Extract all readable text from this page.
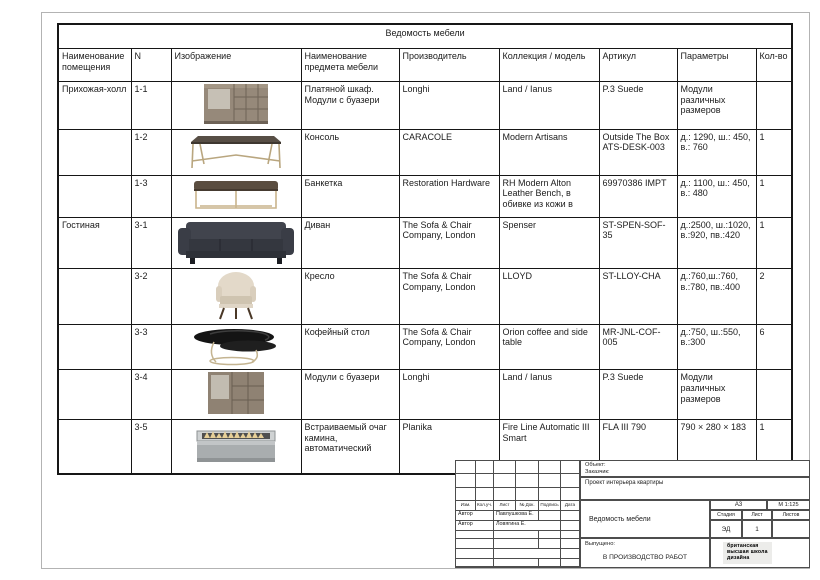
Ведомость мебели								
Наименование помещения	N	Изображение	Наименование предмета мебели	Производитель	Коллекция / модель	Артикул	Параметры	Кол-во
Прихожая-холл	1-1		Платяной шкаф. Модули с буазери	Longhi	Land / Ianus	P.3 Suede	Модули различных размеров	
	1-2		Консоль	CARACOLE	Modern Artisans	Outside The Box ATS-DESK-003	д.: 1290, ш.: 450, в.: 760	1
	1-3		Банкетка	Restoration Hardware	RH Modern Alton Leather Bench, в обивке из кожи в	69970386 IMPT	д.: 1100, ш.: 450, в.: 480	1
Гостиная	3-1		Диван	The Sofa & Chair Company, London	Spenser	ST-SPEN-SOF-35	д.:2500, ш.:1020, в.:920, пв.:420	1
	3-2		Кресло	The Sofa & Chair Company, London	LLOYD	ST-LLOY-CHA	д.:760,ш.:760, в.:780, пв.:400	2
	3-3		Кофейный стол	The Sofa & Chair Company, London	Orion coffee and side table	MR-JNL-COF-005	д.:750, ш.:550, в.:300	6
	3-4		Модули с буазери	Longhi	Land / Ianus	P.3 Suede	Модули различных размеров	
	3-5		Встраиваемый очаг камина, автоматический	Planika	Fire Line Automatic III Smart	FLA III 790	790 × 280 × 183	1
Изм.	Кол.уч.	Лист	№ Док.	Подпись	Дата
Автор	Павлушкова Е.
Автор	Ловягина Е.
Объект:
Заказчик:
Проект интерьера квартиры
Ведомость мебели
Выпущено:
В ПРОИЗВОДСТВО РАБОТ
А3	М 1:125
Стадия	Лист	Листов
ЭД	1
британская
высшая школа
дизайна
